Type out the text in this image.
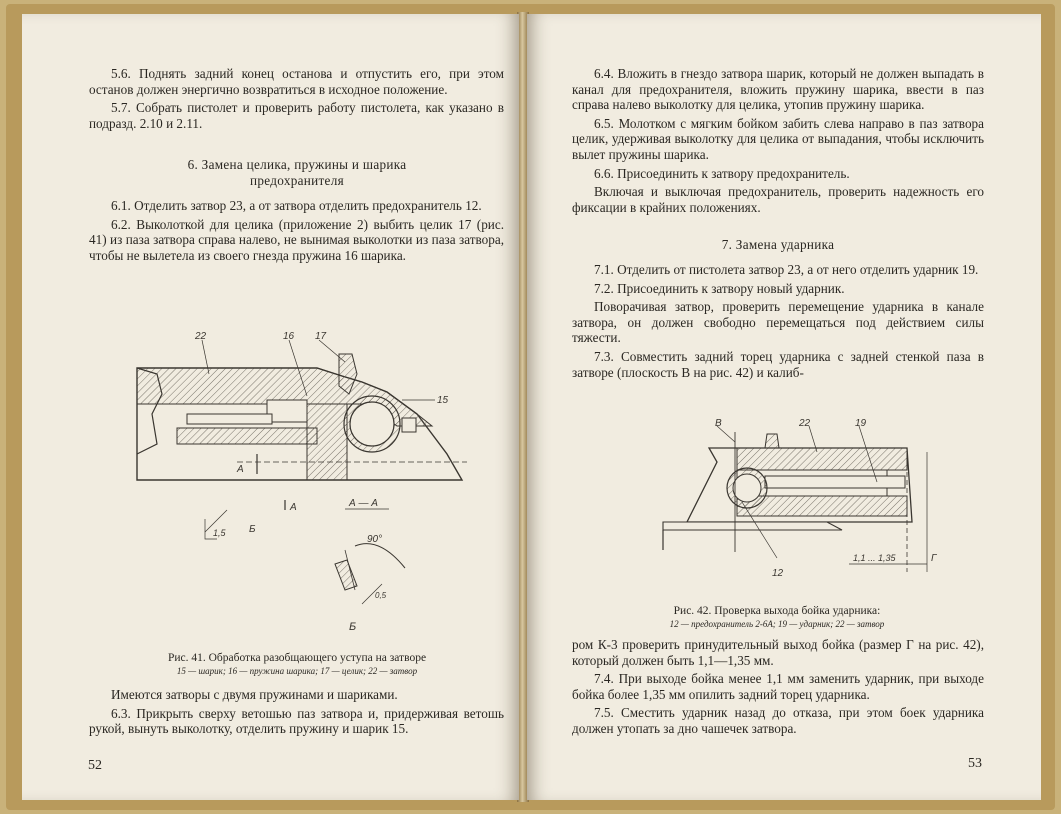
5.6. Поднять задний конец останова и отпустить его, при этом останов должен энергично возвратиться в исходное положение.

5.7. Собрать пистолет и проверить работу пистолета, как указано в подразд. 2.10 и 2.11.

6. Замена целика, пружины и шарика предохранителя

6.1. Отделить затвор 23, а от затвора отделить предохранитель 12.

6.2. Выколоткой для целика (приложение 2) выбить целик 17 (рис. 41) из паза затвора справа налево, не вынимая выколотки из паза затвора, чтобы не вылетела из своего гнезда пружина 16 шарика.

22	16 17
15
А
А
Б
1,5
А — А
90°
0,5
Б
Рис. 41. Обработка разобщающего уступа на затворе
15 — шарик; 16 — пружина шарика; 17 — целик; 22 — затвор

Имеются затворы с двумя пружинами и шариками.

6.3. Прикрыть сверху ветошью паз затвора и, придерживая ветошь рукой, вынуть выколотку, отделить пружину и шарик 15.

52

6.4. Вложить в гнездо затвора шарик, который не должен выпадать в канал для предохранителя, вложить пружину шарика, ввести в паз справа налево выколотку для целика, утопив пружину шарика.

6.5. Молотком с мягким бойком забить слева направо в паз затвора целик, удерживая выколотку для целика от выпадания, чтобы исключить вылет пружины шарика.

6.6. Присоединить к затвору предохранитель.

Включая и выключая предохранитель, проверить надежность его фиксации в крайних положениях.

7. Замена ударника

7.1. Отделить от пистолета затвор 23, а от него отделить ударник 19.

7.2. Присоединить к затвору новый ударник.

Поворачивая затвор, проверить перемещение ударника в канале затвора, он должен свободно перемещаться под действием силы тяжести.

7.3. Совместить задний торец ударника с задней стенкой паза в затворе (плоскость В на рис. 42) и калиб-

В	22	19
12
1,1 ... 1,35	Г
Рис. 42. Проверка выхода бойка ударника:
12 — предохранитель 2-6А; 19 — ударник; 22 — затвор

ром К-3 проверить принудительный выход бойка (размер Г на рис. 42), который должен быть 1,1—1,35 мм.

7.4. При выходе бойка менее 1,1 мм заменить ударник, при выходе бойка более 1,35 мм опилить задний торец ударника.

7.5. Сместить ударник назад до отказа, при этом боек ударника должен утопать за дно чашечек затвора.

53
